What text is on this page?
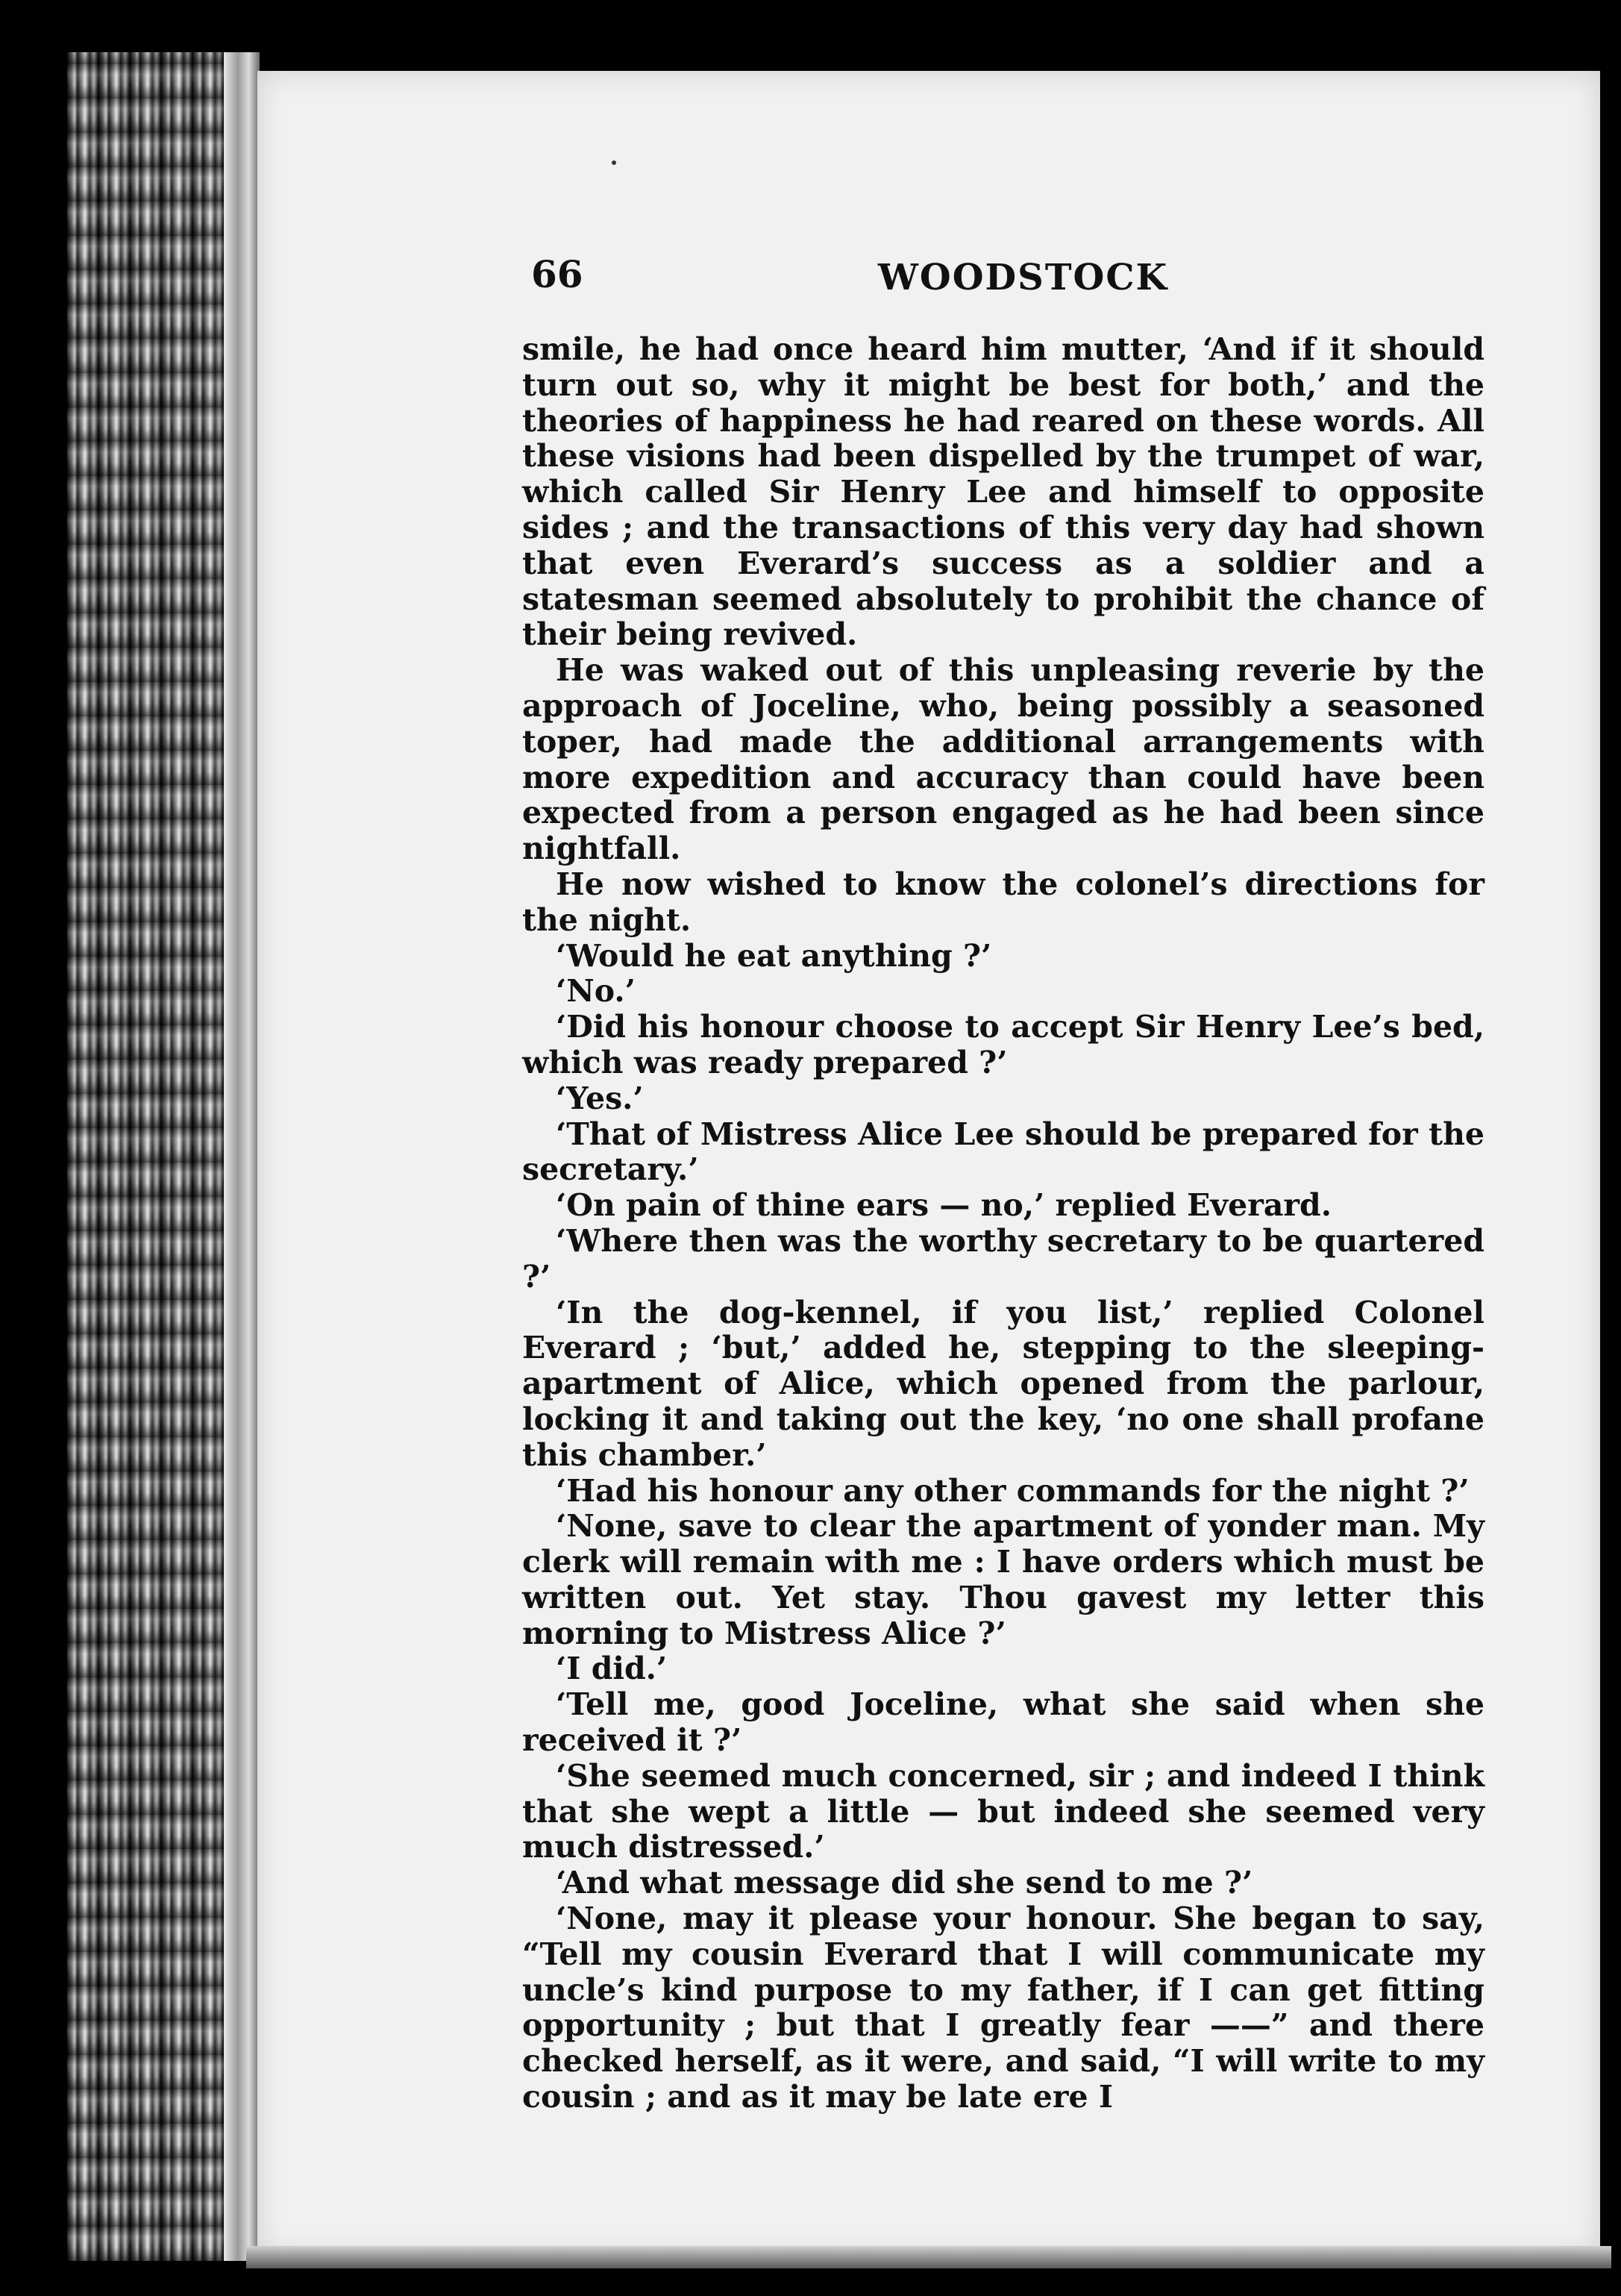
66	WOODSTOCK

smile, he had once heard him mutter, ‘And if it should turn out so, why it might be best for both,’ and the theories of happiness he had reared on these words. All these visions had been dispelled by the trumpet of war, which called Sir Henry Lee and himself to opposite sides ; and the transactions of this very day had shown that even Everard’s success as a soldier and a statesman seemed absolutely to prohibit the chance of their being revived.

He was waked out of this unpleasing reverie by the approach of Joceline, who, being possibly a seasoned toper, had made the additional arrangements with more expedition and accuracy than could have been expected from a person engaged as he had been since nightfall.

He now wished to know the colonel’s directions for the night.

‘Would he eat anything ?’

‘No.’

‘Did his honour choose to accept Sir Henry Lee’s bed, which was ready prepared ?’

‘Yes.’

‘That of Mistress Alice Lee should be prepared for the secretary.’

‘On pain of thine ears — no,’ replied Everard.

‘Where then was the worthy secretary to be quartered ?’

‘In the dog-kennel, if you list,’ replied Colonel Everard ; ‘but,’ added he, stepping to the sleeping-apartment of Alice, which opened from the parlour, locking it and taking out the key, ‘no one shall profane this chamber.’

‘Had his honour any other commands for the night ?’

‘None, save to clear the apartment of yonder man. My clerk will remain with me : I have orders which must be written out. Yet stay. Thou gavest my letter this morning to Mistress Alice ?’

‘I did.’

‘Tell me, good Joceline, what she said when she received it ?’

‘She seemed much concerned, sir ; and indeed I think that she wept a little — but indeed she seemed very much distressed.’

‘And what message did she send to me ?’

‘None, may it please your honour. She began to say, “Tell my cousin Everard that I will communicate my uncle’s kind purpose to my father, if I can get fitting opportunity ; but that I greatly fear ——” and there checked herself, as it were, and said, “I will write to my cousin ; and as it may be late ere I
